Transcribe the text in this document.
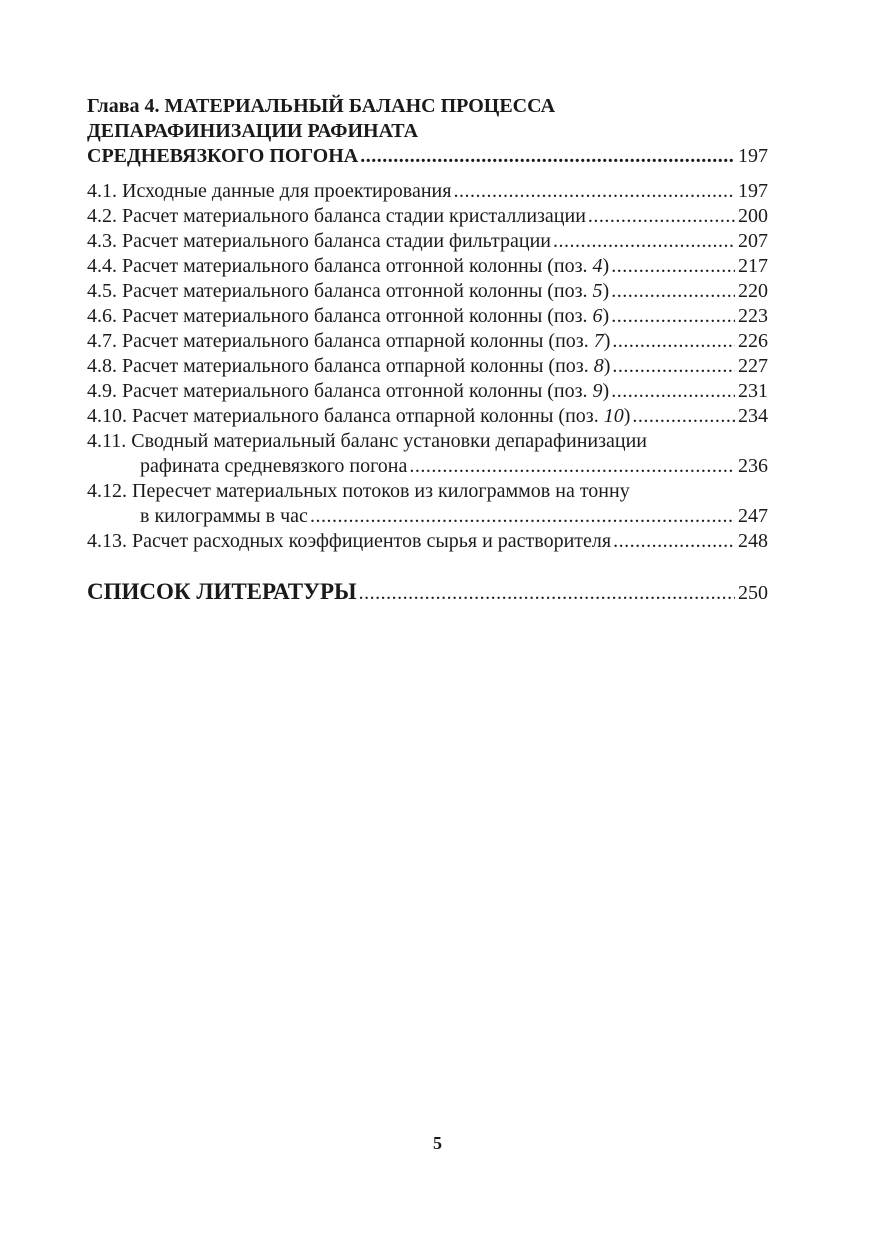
Глава 4. МАТЕРИАЛЬНЫЙ БАЛАНС ПРОЦЕССА
ДЕПАРАФИНИЗАЦИИ РАФИНАТА
СРЕДНЕВЯЗКОГО ПОГОНА .....	197
4.1. Исходные данные для проектирования .....	197
4.2. Расчет материального баланса стадии кристаллизации .....	200
4.3. Расчет материального баланса стадии фильтрации .....	207
4.4. Расчет материального баланса отгонной колонны (поз. 4) .....	217
4.5. Расчет материального баланса отгонной колонны (поз. 5) .....	220
4.6. Расчет материального баланса отгонной колонны (поз. 6) .....	223
4.7. Расчет материального баланса отпарной колонны (поз. 7) .....	226
4.8. Расчет материального баланса отпарной колонны (поз. 8) .....	227
4.9. Расчет материального баланса отгонной колонны (поз. 9) .....	231
4.10. Расчет материального баланса отпарной колонны (поз. 10) .....	234
4.11. Сводный материальный баланс установки депарафинизации
рафината средневязкого погона .....	236
4.12. Пересчет материальных потоков из килограммов на тонну
в килограммы в час .....	247
4.13. Расчет расходных коэффициентов сырья и растворителя .....	248
СПИСОК ЛИТЕРАТУРЫ .....	250
5
